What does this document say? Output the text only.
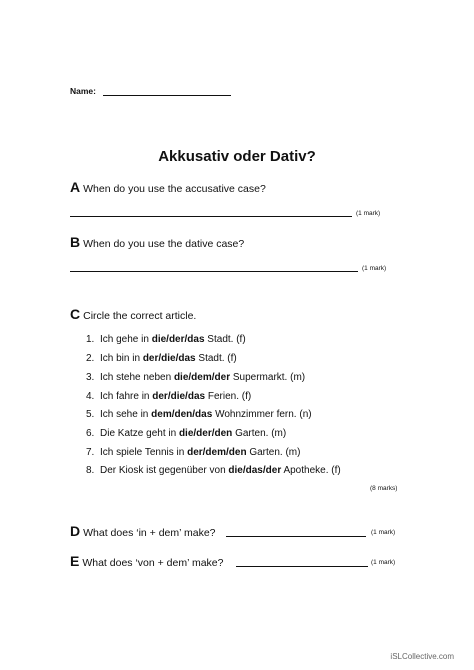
Name:
Akkusativ oder Dativ?
A When do you use the accusative case?
(1 mark)
B When do you use the dative case?
(1 mark)
C Circle the correct article.
1. Ich gehe in die/der/das Stadt. (f)
2. Ich bin in der/die/das Stadt. (f)
3. Ich stehe neben die/dem/der Supermarkt. (m)
4. Ich fahre in der/die/das Ferien. (f)
5. Ich sehe in dem/den/das Wohnzimmer fern. (n)
6. Die Katze geht in die/der/den Garten. (m)
7. Ich spiele Tennis in der/dem/den Garten. (m)
8. Der Kiosk ist gegenüber von die/das/der Apotheke. (f)
(8 marks)
D What does ‘in + dem’ make?	(1 mark)
E What does ‘von + dem’ make?	(1 mark)
iSLCollective.com
